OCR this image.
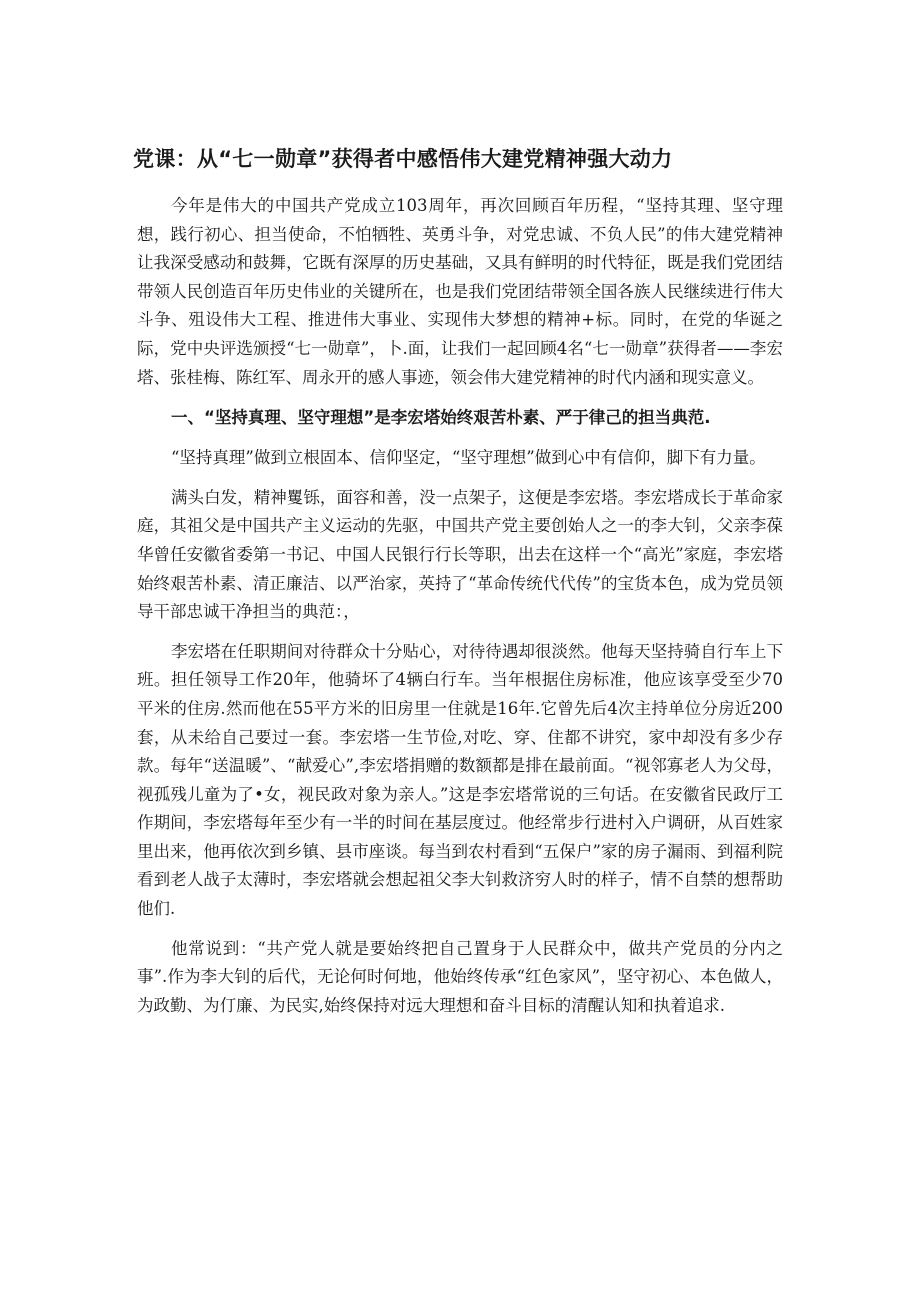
党课：从“七一勋章”获得者中感悟伟大建党精神强大动力

今年是伟大的中国共产党成立103周年，再次回顾百年历程，“坚持其理、坚守理想，践行初心、担当使命，不怕牺牲、英勇斗争，对党忠诚、不负人民”的伟大建党精神让我深受感动和鼓舞，它既有深厚的历史基础，又具有鲜明的时代特征，既是我们党团结带领人民创造百年历史伟业的关键所在，也是我们党团结带领全国各族人民继续进行伟大斗争、殂设伟大工程、推进伟大事业、实现伟大梦想的精神+标。同时，在党的华诞之际，党中央评选颁授“七一勋章”，卜.面，让我们一起回顾4名“七一勋章”获得者——李宏塔、张桂梅、陈红军、周永开的感人事迹，领会伟大建党精神的时代内涵和现实意义。

一、“坚持真理、坚守理想”是李宏塔始终艰苦朴素、严于律己的担当典范.

“坚持真理”做到立根固本、信仰坚定，“坚守理想”做到心中有信仰，脚下有力量。

满头白发，精神矍铄，面容和善，没一点架子，这便是李宏塔。李宏塔成长于革命家庭，其祖父是中国共产主义运动的先驱，中国共产党主要创始人之一的李大钊，父亲李葆华曾任安徽省委第一书记、中国人民银行行长等职，出去在这样一个“高光”家庭，李宏塔始终艰苦朴素、清正廉洁、以严治家，英持了“革命传统代代传”的宝货本色，成为党员领导干部忠诚干净担当的典范：，

李宏塔在任职期间对待群众十分贴心，对待待遇却很淡然。他每天坚持骑自行车上下班。担任领导工作20年，他骑坏了4辆白行车。当年根据住房标准，他应该享受至少70平米的住房.然而他在55平方米的旧房里一住就是16年.它曾先后4次主持单位分房近200套，从未给自己要过一套。李宏塔一生节俭,对吃、穿、住都不讲究，家中却没有多少存款。每年“送温暖”、“献爱心”,李宏塔捐赠的数额都是排在最前面。“视邻寡老人为父母，视孤残儿童为了•女，视民政对象为亲人。”这是李宏塔常说的三句话。在安徽省民政厅工作期间，李宏塔每年至少有一半的时间在基层度过。他经常步行进村入户调研，从百姓家里出来，他再依次到乡镇、县市座谈。每当到农村看到“五保户”家的房子漏雨、到福利院看到老人战子太薄时，李宏塔就会想起祖父李大钊救济穷人时的样子，情不自禁的想帮助他们.

他常说到：“共产党人就是要始终把自己置身于人民群众中，做共产党员的分内之事”.作为李大钊的后代，无论何时何地，他始终传承“红色家风”，坚守初心、本色做人，为政勤、为仃廉、为民实,始终保持对远大理想和奋斗目标的清醒认知和执着追求.
